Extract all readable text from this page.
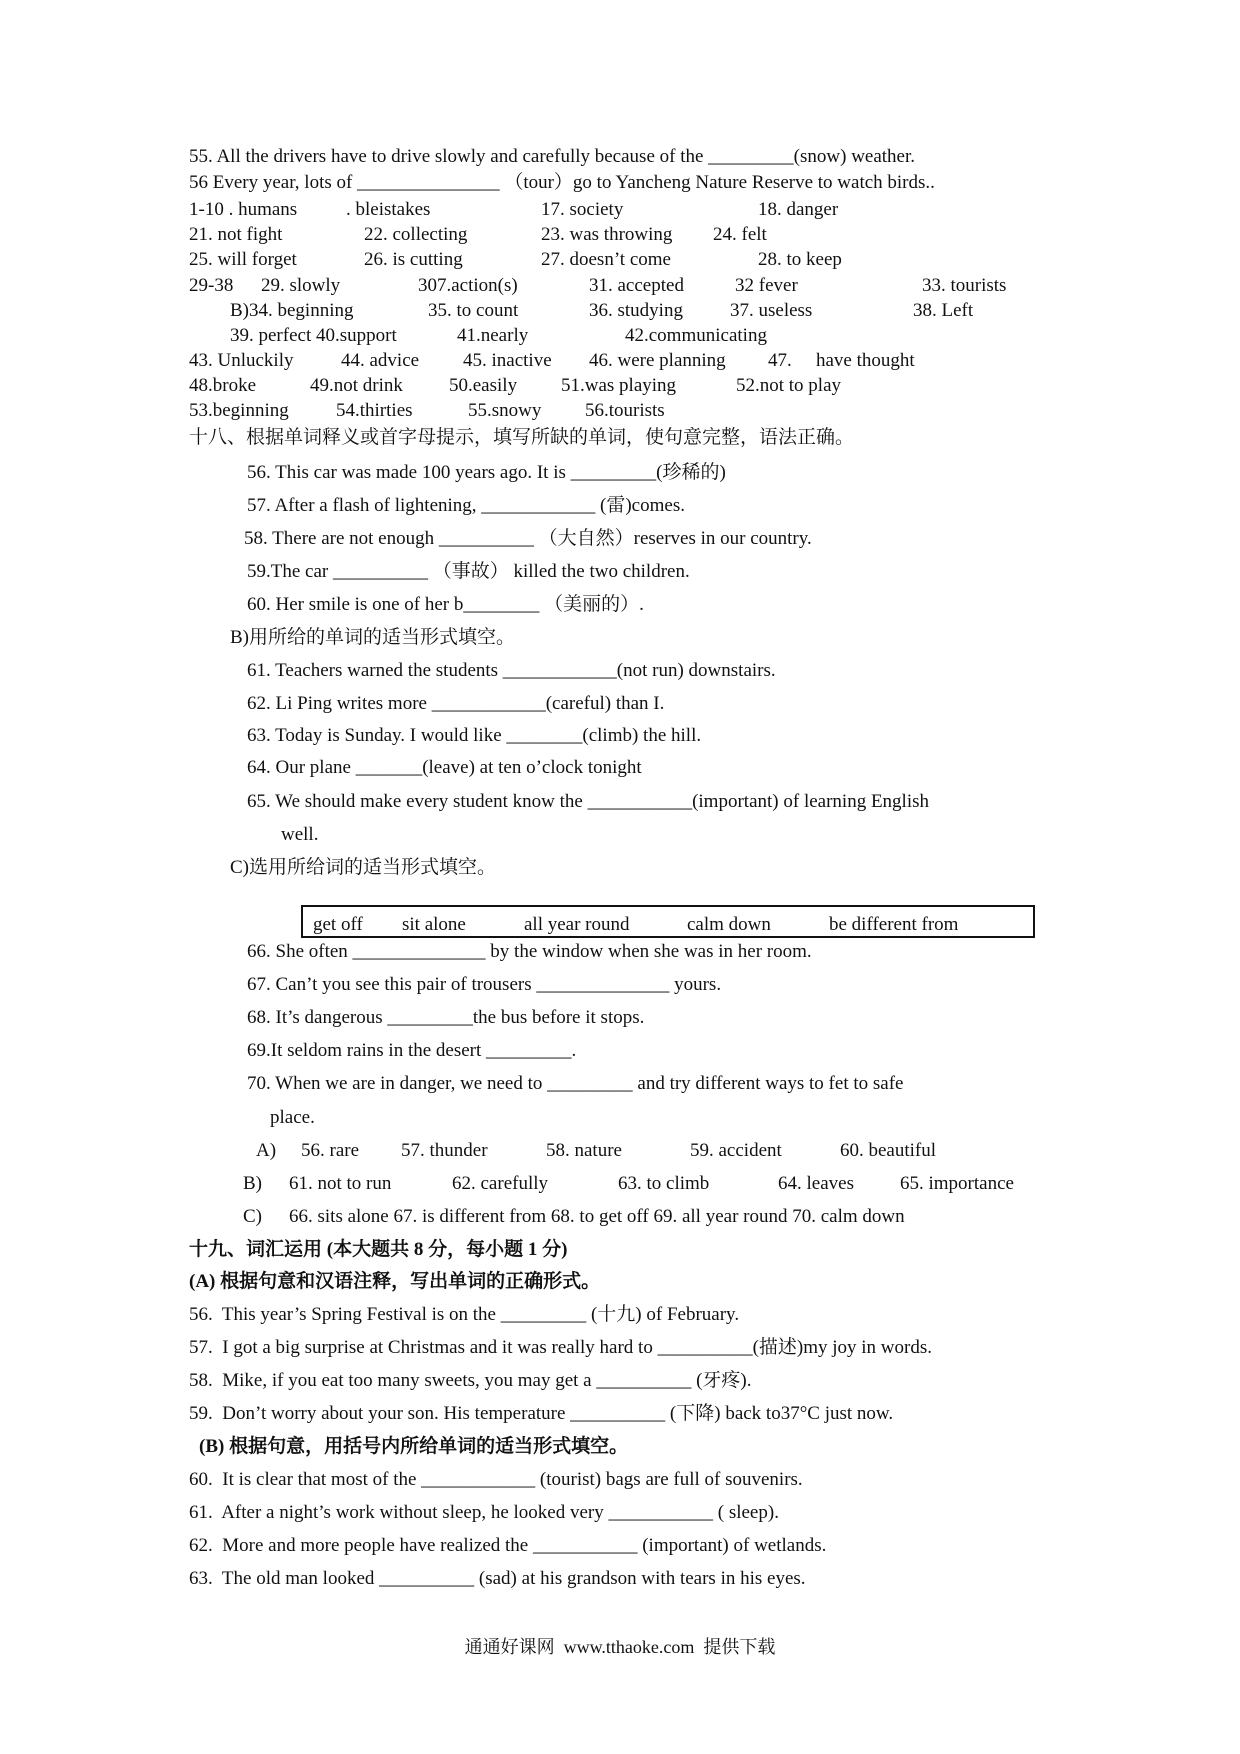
55. All the drivers have to drive slowly and carefully because of the _________(snow) weather.
56 Every year, lots of _______________ （tour）go to Yancheng Nature Reserve to watch birds..
1-10 . humans	. bleistakes	17. society	18. danger
21. not fight	22. collecting	23. was throwing 24. felt
25. will forget	26. is cutting	27. doesn’t come	28. to keep
29-38 29. slowly	307.action(s)	31. accepted	32 fever	33. tourists
B)34. beginning	35. to count	36. studying 37. useless	38. Left
39. perfect 40.support	41.nearly	42.communicating
43. Unluckily	44. advice 45. inactive 46. were planning 47. have thought
48.broke	49.not drink 50.easily 51.was playing	52.not to play
53.beginning 54.thirties	55.snowy 56.tourists
十八、根据单词释义或首字母提示，填写所缺的单词，使句意完整，语法正确。
56. This car was made 100 years ago. It is _________(珍稀的)
57. After a flash of lightening, ____________ (雷)comes.
58. There are not enough __________ （大自然）reserves in our country.
59.The car __________ （事故） killed the two children.
60. Her smile is one of her b________ （美丽的）.
B)用所给的单词的适当形式填空。
61. Teachers warned the students ____________(not run) downstairs.
62. Li Ping writes more ____________(careful) than I.
63. Today is Sunday. I would like ________(climb) the hill.
64. Our plane _______(leave) at ten o’clock tonight
65. We should make every student know the ___________(important) of learning English
well.
C)选用所给词的适当形式填空。
66. She often ______________ by the window when she was in her room.
67. Can’t you see this pair of trousers ______________ yours.
68. It’s dangerous _________the bus before it stops.
69.It seldom rains in the desert _________.
70. When we are in danger, we need to _________ and try different ways to fet to safe
place.
A) 56. rare 57. thunder	58. nature	59. accident	60. beautiful
B) 61. not to run	62. carefully	63. to climb	64. leaves 65. importance
C) 66. sits alone 67. is different from 68. to get off 69. all year round 70. calm down
十九、词汇运用 (本大题共 8 分，每小题 1 分)
(A) 根据句意和汉语注释，写出单词的正确形式。
56.  This year’s Spring Festival is on the _________ (十九) of February.
57.  I got a big surprise at Christmas and it was really hard to __________(描述)my joy in words.
58.  Mike, if you eat too many sweets, you may get a __________ (牙疼).
59.  Don’t worry about your son. His temperature __________ (下降) back to37°C just now.
(B) 根据句意，用括号内所给单词的适当形式填空。
60.  It is clear that most of the ____________ (tourist) bags are full of souvenirs.
61.  After a night’s work without sleep, he looked very ___________ ( sleep).
62.  More and more people have realized the ___________ (important) of wetlands.
63.  The old man looked __________ (sad) at his grandson with tears in his eyes.
get off sit alone	all year round	calm down	be different from
通通好课网  www.tthaoke.com  提供下载
